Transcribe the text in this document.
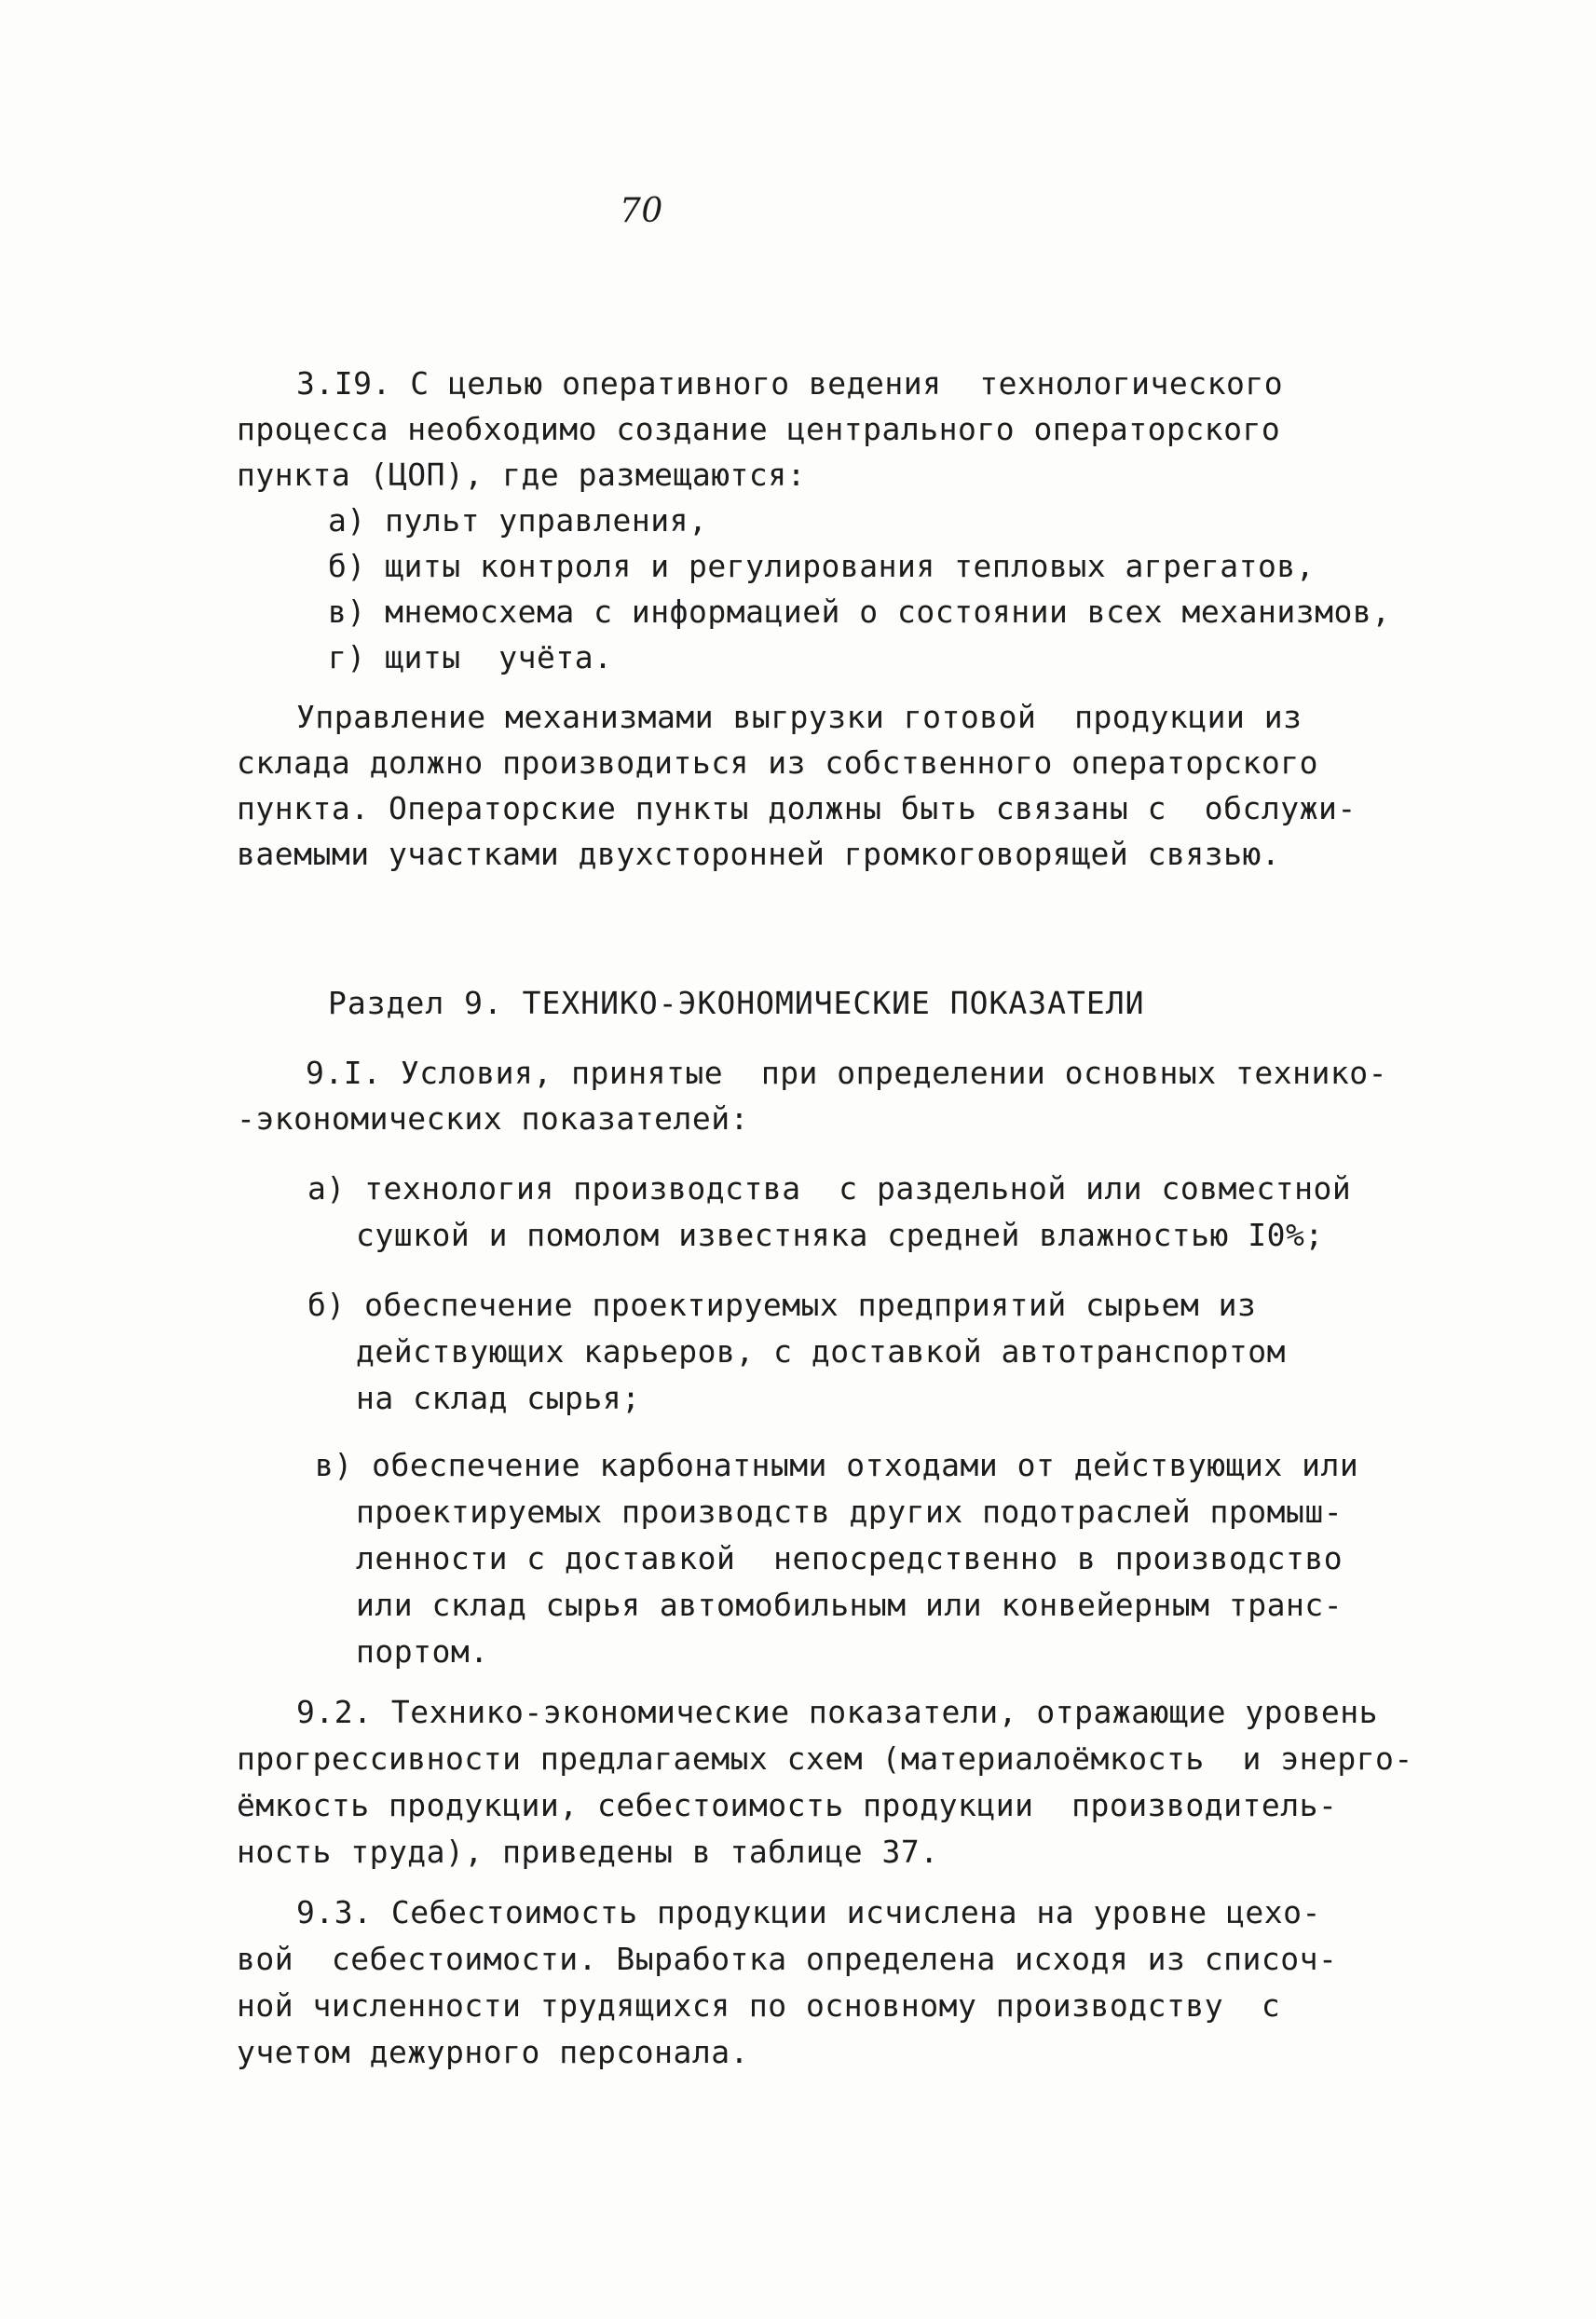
70
3.I9. С целью оперативного ведения  технологического
процесса необходимо создание центрального операторского
пункта (ЦОП), где размещаются:
а) пульт управления,
б) щиты контроля и регулирования тепловых агрегатов,
в) мнемосхема с информацией о состоянии всех механизмов,
г) щиты  учёта.
Управление механизмами выгрузки готовой  продукции из
склада должно производиться из собственного операторского
пункта. Операторские пункты должны быть связаны с  обслужи-
ваемыми участками двухсторонней громкоговорящей связью.
Раздел 9. ТЕХНИКО-ЭКОНОМИЧЕСКИЕ ПОКАЗАТЕЛИ
9.I. Условия, принятые  при определении основных технико-
-экономических показателей:
а) технология производства  с раздельной или совместной
сушкой и помолом известняка средней влажностью I0%;
б) обеспечение проектируемых предприятий сырьем из
действующих карьеров, с доставкой автотранспортом
на склад сырья;
в) обеспечение карбонатными отходами от действующих или
проектируемых производств других подотраслей промыш-
ленности с доставкой  непосредственно в производство
или склад сырья автомобильным или конвейерным транс-
портом.
9.2. Технико-экономические показатели, отражающие уровень
прогрессивности предлагаемых схем (материалоёмкость  и энерго-
ёмкость продукции, себестоимость продукции  производитель-
ность труда), приведены в таблице 37.
9.3. Себестоимость продукции исчислена на уровне цехо-
вой  себестоимости. Выработка определена исходя из списоч-
ной численности трудящихся по основному производству  с
учетом дежурного персонала.
